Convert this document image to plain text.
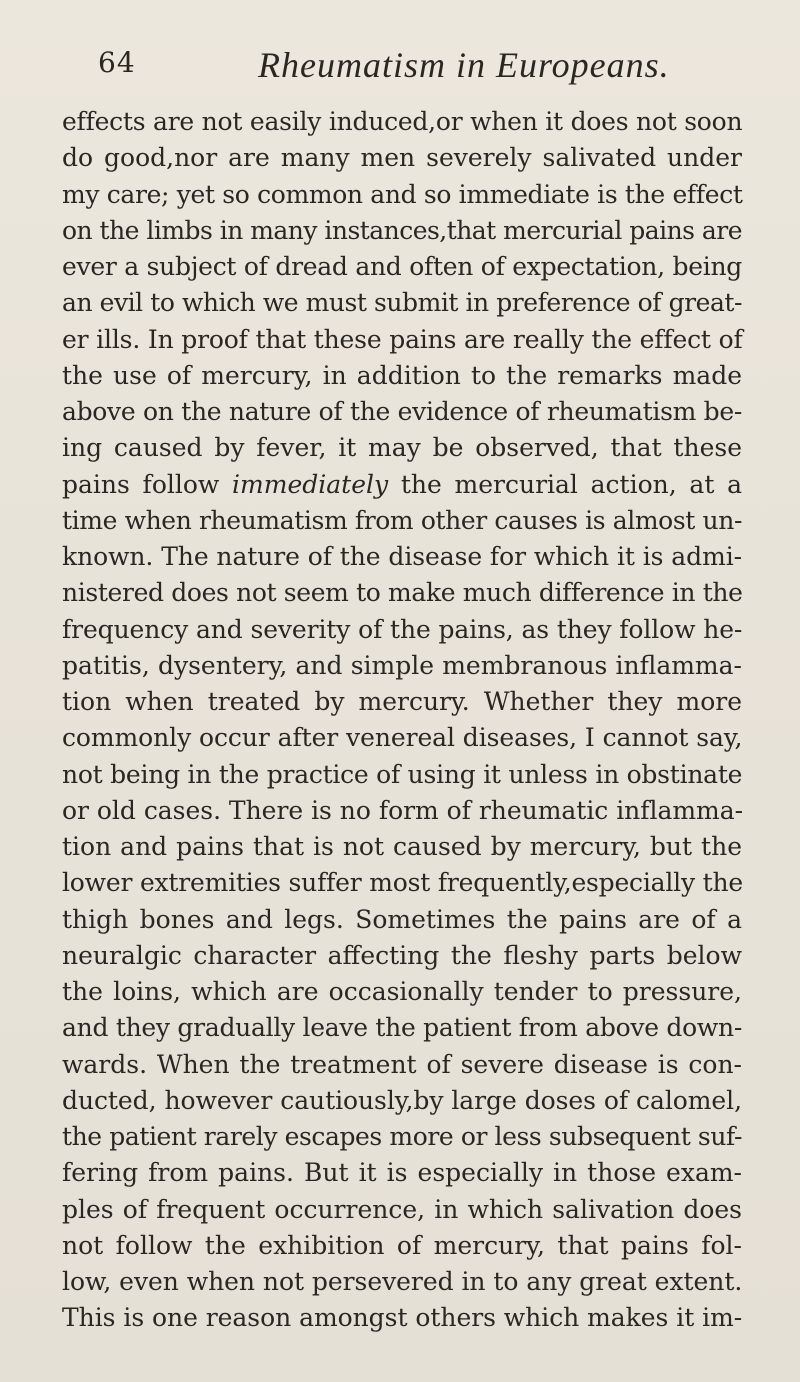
64	Rheumatism in Europeans.
effects are not easily induced,or when it does not soon
do good,nor are many men severely salivated under
my care; yet so common and so immediate is the effect
on the limbs in many instances,that mercurial pains are
ever a subject of dread and often of expectation, being
an evil to which we must submit in preference of great-
er ills. In proof that these pains are really the effect of
the use of mercury, in addition to the remarks made
above on the nature of the evidence of rheumatism be-
ing caused by fever, it may be observed, that these
pains follow immediately the mercurial action, at a
time when rheumatism from other causes is almost un-
known. The nature of the disease for which it is admi-
nistered does not seem to make much difference in the
frequency and severity of the pains, as they follow he-
patitis, dysentery, and simple membranous inflamma-
tion when treated by mercury. Whether they more
commonly occur after venereal diseases, I cannot say,
not being in the practice of using it unless in obstinate
or old cases. There is no form of rheumatic inflamma-
tion and pains that is not caused by mercury, but the
lower extremities suffer most frequently,especially the
thigh bones and legs. Sometimes the pains are of a
neuralgic character affecting the fleshy parts below
the loins, which are occasionally tender to pressure,
and they gradually leave the patient from above down-
wards. When the treatment of severe disease is con-
ducted, however cautiously,by large doses of calomel,
the patient rarely escapes more or less subsequent suf-
fering from pains. But it is especially in those exam-
ples of frequent occurrence, in which salivation does
not follow the exhibition of mercury, that pains fol-
low, even when not persevered in to any great extent.
This is one reason amongst others which makes it im-
